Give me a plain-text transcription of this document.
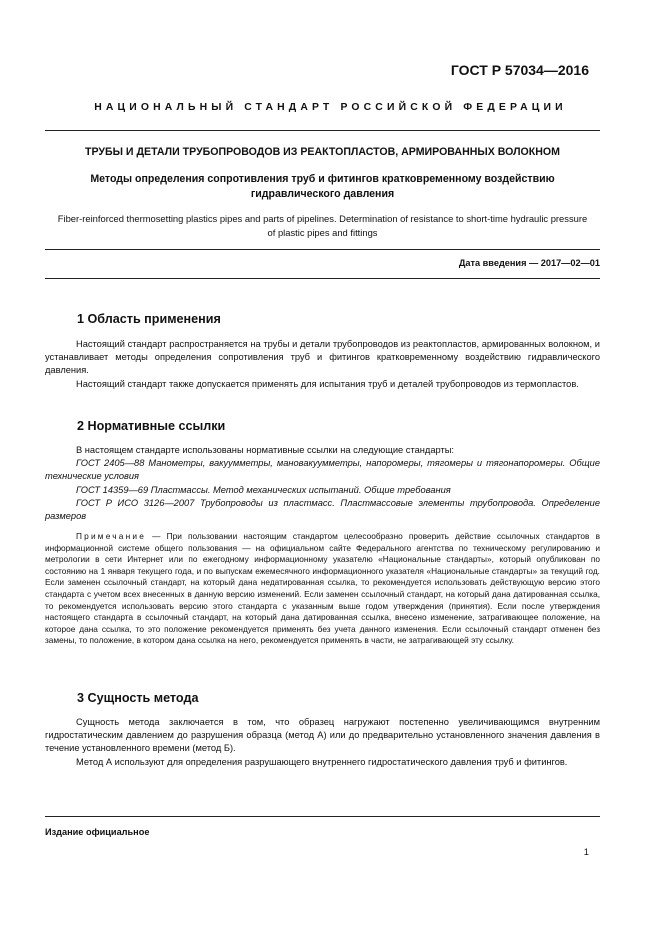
ГОСТ Р 57034—2016
НАЦИОНАЛЬНЫЙ СТАНДАРТ РОССИЙСКОЙ ФЕДЕРАЦИИ
ТРУБЫ И ДЕТАЛИ ТРУБОПРОВОДОВ ИЗ РЕАКТОПЛАСТОВ, АРМИРОВАННЫХ ВОЛОКНОМ
Методы определения сопротивления труб и фитингов кратковременному воздействию гидравлического давления
Fiber-reinforced thermosetting plastics pipes and parts of pipelines. Determination of resistance to short-time hydraulic pressure of plastic pipes and fittings
Дата введения — 2017—02—01
1 Область применения

Настоящий стандарт распространяется на трубы и детали трубопроводов из реактопластов, армированных волокном, и устанавливает методы определения сопротивления труб и фитингов кратковременному воздействию гидравлического давления.

Настоящий стандарт также допускается применять для испытания труб и деталей трубопроводов из термопластов.

2 Нормативные ссылки

В настоящем стандарте использованы нормативные ссылки на следующие стандарты:

ГОСТ 2405—88 Манометры, вакуумметры, мановакуумметры, напоромеры, тягомеры и тягонапоромеры. Общие технические условия

ГОСТ 14359—69 Пластмассы. Метод механических испытаний. Общие требования

ГОСТ Р ИСО 3126—2007 Трубопроводы из пластмасс. Пластмассовые элементы трубопровода. Определение размеров

Примечание — При пользовании настоящим стандартом целесообразно проверить действие ссылочных стандартов в информационной системе общего пользования — на официальном сайте Федерального агентства по техническому регулированию и метрологии в сети Интернет или по ежегодному информационному указателю «Национальные стандарты», который опубликован по состоянию на 1 января текущего года, и по выпускам ежемесячного информационного указателя «Национальные стандарты» за текущий год. Если заменен ссылочный стандарт, на который дана недатированная ссылка, то рекомендуется использовать действующую версию этого стандарта с учетом всех внесенных в данную версию изменений. Если заменен ссылочный стандарт, на который дана датированная ссылка, то рекомендуется использовать версию этого стандарта с указанным выше годом утверждения (принятия). Если после утверждения настоящего стандарта в ссылочный стандарт, на который дана датированная ссылка, внесено изменение, затрагивающее положение, на которое дана ссылка, то это положение рекомендуется применять без учета данного изменения. Если ссылочный стандарт отменен без замены, то положение, в котором дана ссылка на него, рекомендуется применять в части, не затрагивающей эту ссылку.
3 Сущность метода

Сущность метода заключается в том, что образец нагружают постепенно увеличивающимся внутренним гидростатическим давлением до разрушения образца (метод А) или до предварительно установленного значения давления в течение установленного времени (метод Б).

Метод А используют для определения разрушающего внутреннего гидростатического давления труб и фитингов.

Издание официальное
1
